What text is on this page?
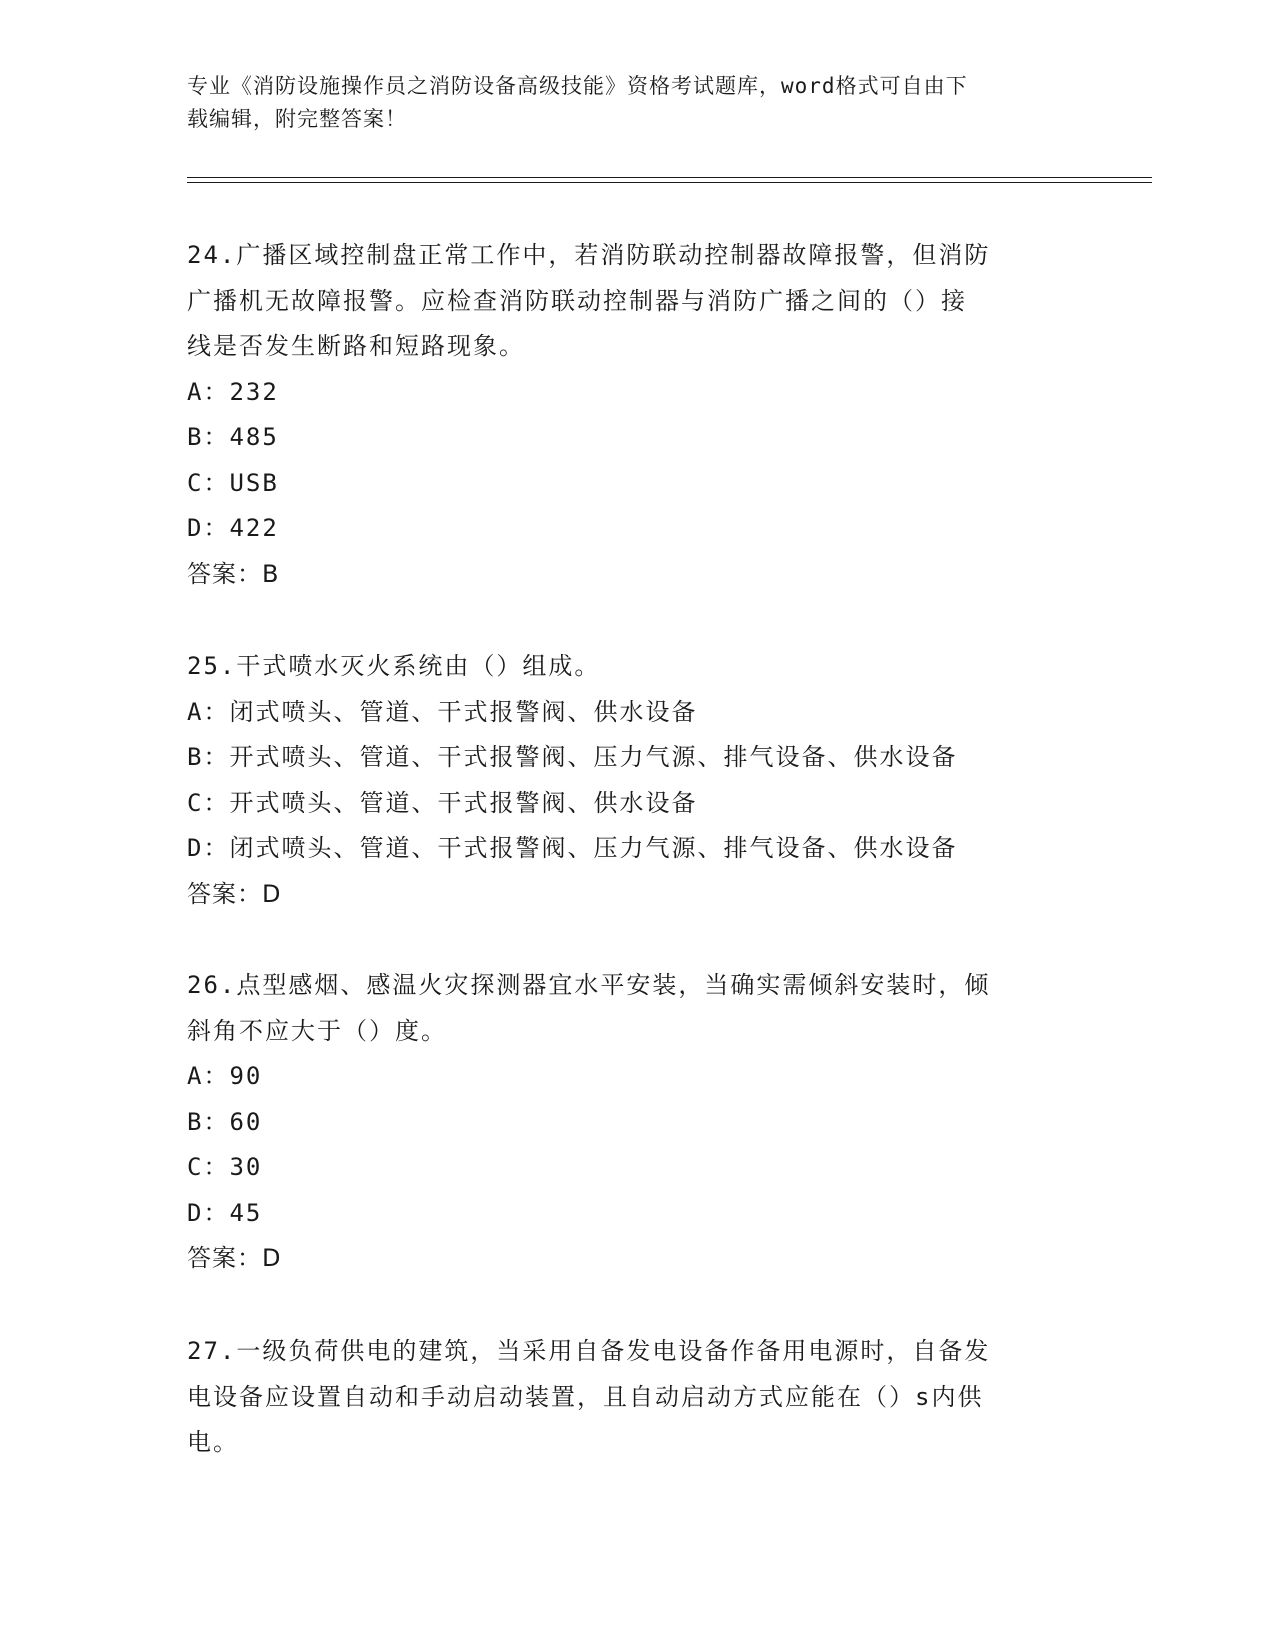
专业《消防设施操作员之消防设备高级技能》资格考试题库，word格式可自由下
载编辑，附完整答案！
24.广播区域控制盘正常工作中，若消防联动控制器故障报警，但消防
广播机无故障报警。应检查消防联动控制器与消防广播之间的（）接
线是否发生断路和短路现象。
A：232
B：485
C：USB
D：422
答案：B
25.干式喷水灭火系统由（）组成。
A：闭式喷头、管道、干式报警阀、供水设备
B：开式喷头、管道、干式报警阀、压力气源、排气设备、供水设备
C：开式喷头、管道、干式报警阀、供水设备
D：闭式喷头、管道、干式报警阀、压力气源、排气设备、供水设备
答案：D
26.点型感烟、感温火灾探测器宜水平安装，当确实需倾斜安装时，倾
斜角不应大于（）度。
A：90
B：60
C：30
D：45
答案：D
27.一级负荷供电的建筑，当采用自备发电设备作备用电源时，自备发
电设备应设置自动和手动启动装置，且自动启动方式应能在（）s内供
电。
